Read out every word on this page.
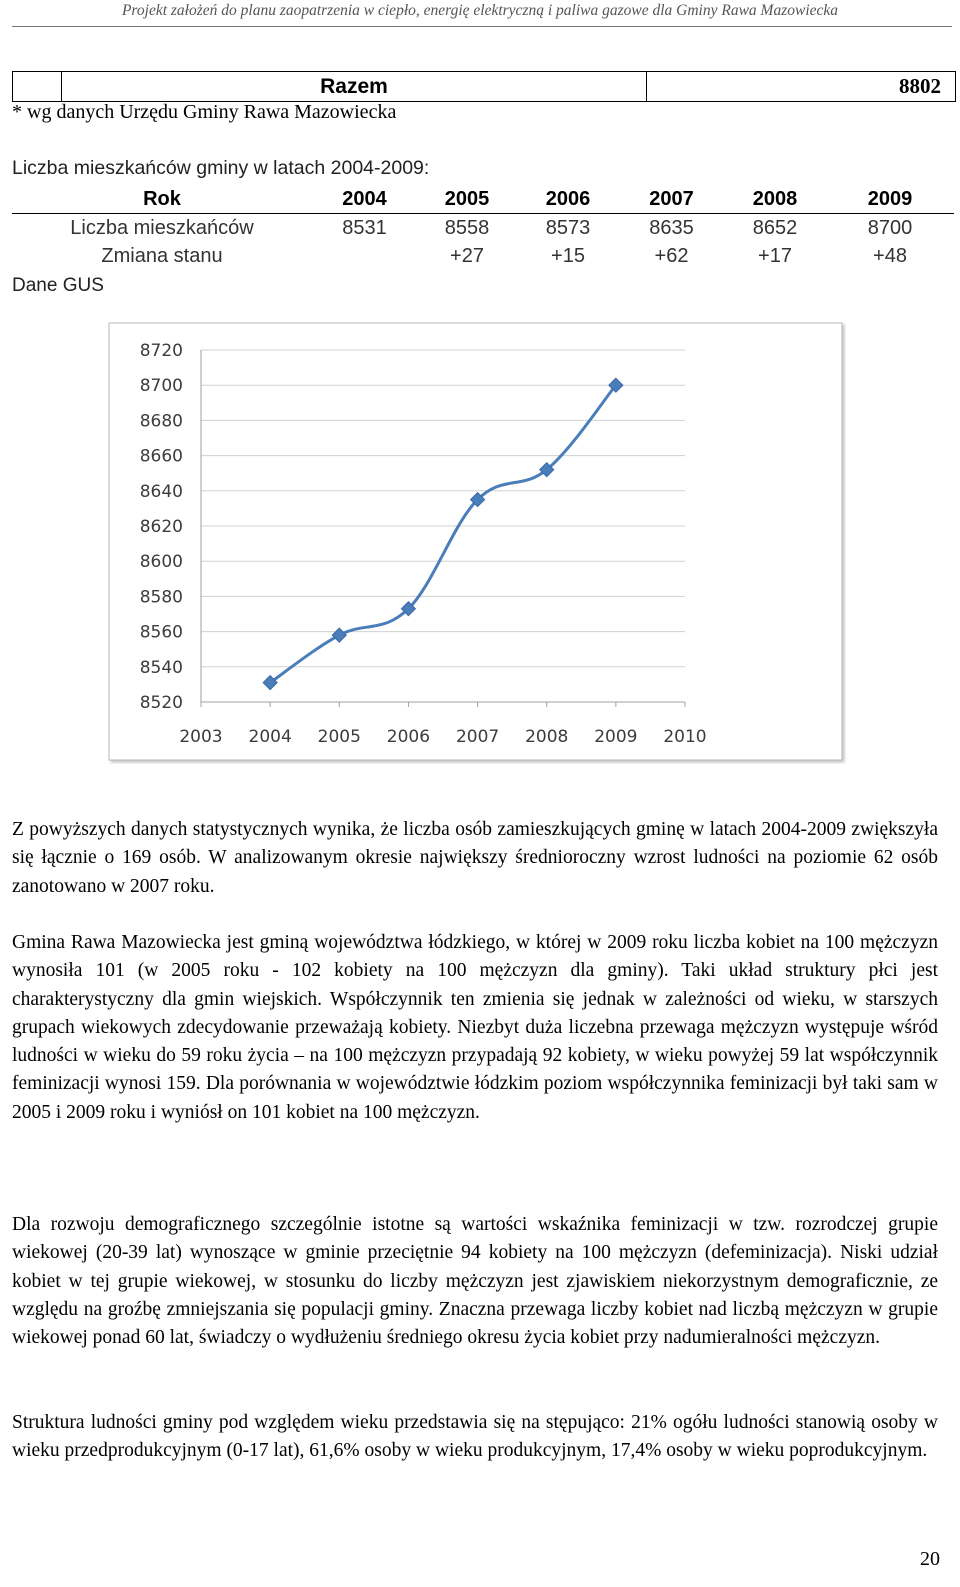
Projekt założeń do planu zaopatrzenia w ciepło, energię elektryczną i paliwa gazowe dla Gminy Rawa Mazowiecka
	Razem	8802
* wg danych Urzędu Gminy Rawa Mazowiecka
Liczba mieszkańców gminy w latach 2004-2009:
Rok	2004	2005	2006	2007	2008	2009
Liczba mieszkańców	8531	8558	8573	8635	8652	8700
Zmiana stanu		+27	+15	+62	+17	+48
Dane GUS
8720
8700
8680
8660
8640
8620
8600
8580
8560
8540
8520
2003 2004 2005 2006 2007 2008 2009 2010

Z powyższych danych statystycznych wynika, że liczba osób zamieszkujących gminę w latach 2004-2009 zwiększyła się łącznie o 169 osób. W analizowanym okresie największy średnioroczny wzrost ludności na poziomie 62 osób zanotowano w 2007 roku.

Gmina Rawa Mazowiecka jest gminą województwa łódzkiego, w której w 2009 roku liczba kobiet na 100 mężczyzn wynosiła 101 (w 2005 roku - 102 kobiety na 100 mężczyzn dla gminy). Taki układ struktury płci jest charakterystyczny dla gmin wiejskich. Współczynnik ten zmienia się jednak w zależności od wieku, w starszych grupach wiekowych zdecydowanie przeważają kobiety. Niezbyt duża liczebna przewaga mężczyzn występuje wśród ludności w wieku do 59 roku życia – na 100 mężczyzn przypadają 92 kobiety, w wieku powyżej 59 lat współczynnik feminizacji wynosi 159. Dla porównania w województwie łódzkim poziom współczynnika feminizacji był taki sam w 2005 i 2009 roku i wyniósł on 101 kobiet na 100 mężczyzn.

Dla rozwoju demograficznego szczególnie istotne są wartości wskaźnika feminizacji w tzw. rozrodczej grupie wiekowej (20-39 lat) wynoszące w gminie przeciętnie 94 kobiety na 100 mężczyzn (defeminizacja). Niski udział kobiet w tej grupie wiekowej, w stosunku do liczby mężczyzn jest zjawiskiem niekorzystnym demograficznie, ze względu na groźbę zmniejszania się populacji gminy. Znaczna przewaga liczby kobiet nad liczbą mężczyzn w grupie wiekowej ponad 60 lat, świadczy o wydłużeniu średniego okresu życia kobiet przy nadumieralności mężczyzn.

Struktura ludności gminy pod względem wieku przedstawia się na stępująco: 21% ogółu ludności stanowią osoby w wieku przedprodukcyjnym (0-17 lat), 61,6% osoby w wieku produkcyjnym, 17,4% osoby w wieku poprodukcyjnym.

20
